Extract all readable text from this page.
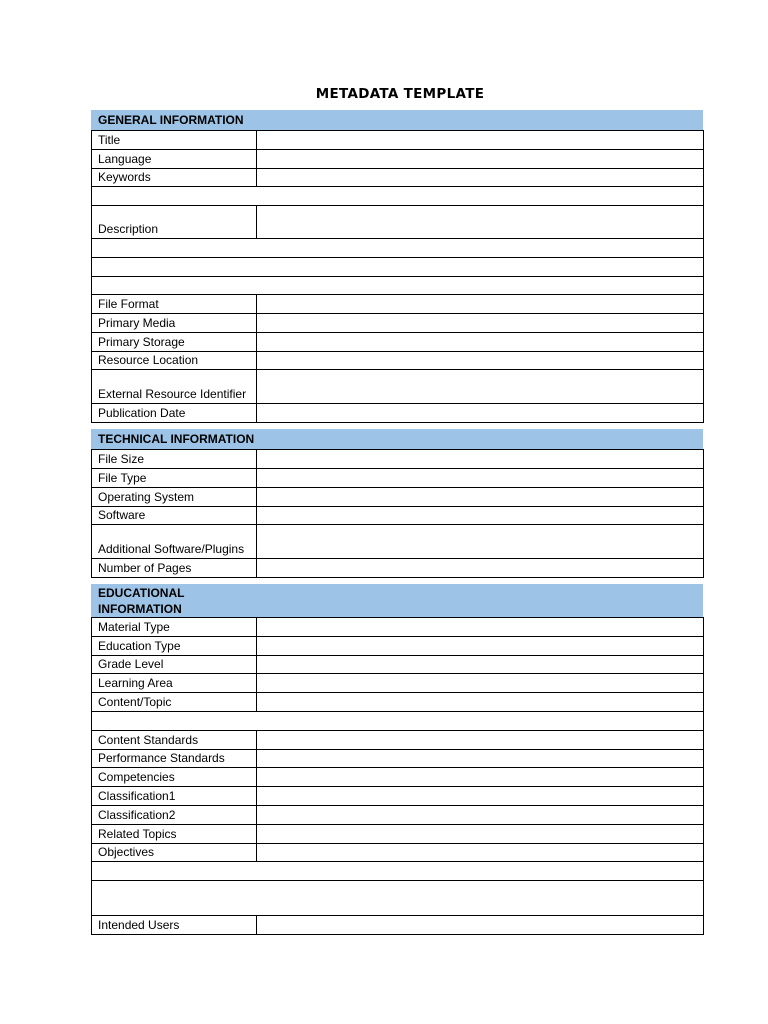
METADATA TEMPLATE
GENERAL INFORMATION
Title	
Language	
Keywords	

Description	

File Format	
Primary Media	
Primary Storage	
Resource Location	
External Resource Identifier	
Publication Date	
TECHNICAL INFORMATION
File Size	
File Type	
Operating System	
Software	
Additional Software/Plugins	
Number of Pages	
EDUCATIONAL INFORMATION
Material Type	
Education Type	
Grade Level	
Learning Area	
Content/Topic	

Content Standards	
Performance Standards	
Competencies	
Classification1	
Classification2	
Related Topics	
Objectives	

Intended Users	
